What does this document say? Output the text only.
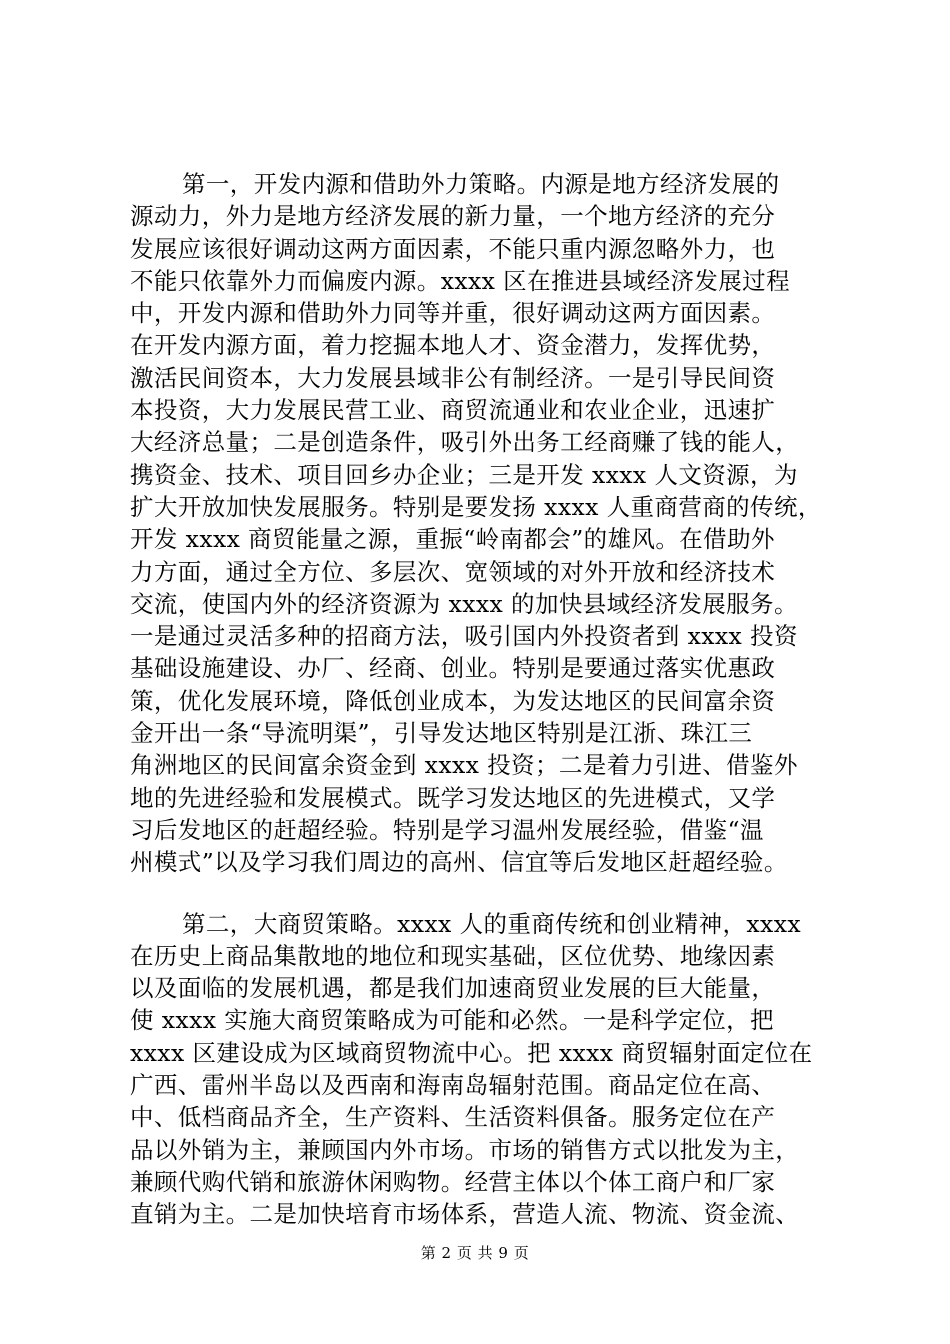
第一，开发内源和借助外力策略。内源是地方经济发展的
源动力，外力是地方经济发展的新力量，一个地方经济的充分
发展应该很好调动这两方面因素，不能只重内源忽略外力，也
不能只依靠外力而偏废内源。xxxx 区在推进县域经济发展过程
中，开发内源和借助外力同等并重，很好调动这两方面因素。
在开发内源方面，着力挖掘本地人才、资金潜力，发挥优势，
激活民间资本，大力发展县域非公有制经济。一是引导民间资
本投资，大力发展民营工业、商贸流通业和农业企业，迅速扩
大经济总量；二是创造条件，吸引外出务工经商赚了钱的能人，
携资金、技术、项目回乡办企业；三是开发 xxxx 人文资源，为
扩大开放加快发展服务。特别是要发扬 xxxx 人重商营商的传统，
开发 xxxx 商贸能量之源，重振“岭南都会”的雄风。在借助外
力方面，通过全方位、多层次、宽领域的对外开放和经济技术
交流，使国内外的经济资源为 xxxx 的加快县域经济发展服务。
一是通过灵活多种的招商方法，吸引国内外投资者到 xxxx 投资
基础设施建设、办厂、经商、创业。特别是要通过落实优惠政
策，优化发展环境，降低创业成本，为发达地区的民间富余资
金开出一条“导流明渠”，引导发达地区特别是江浙、珠江三
角洲地区的民间富余资金到 xxxx 投资；二是着力引进、借鉴外
地的先进经验和发展模式。既学习发达地区的先进模式，又学
习后发地区的赶超经验。特别是学习温州发展经验，借鉴“温
州模式”以及学习我们周边的高州、信宜等后发地区赶超经验。
第二，大商贸策略。xxxx 人的重商传统和创业精神，xxxx
在历史上商品集散地的地位和现实基础，区位优势、地缘因素
以及面临的发展机遇，都是我们加速商贸业发展的巨大能量，
使 xxxx 实施大商贸策略成为可能和必然。一是科学定位，把
xxxx 区建设成为区域商贸物流中心。把 xxxx 商贸辐射面定位在
广西、雷州半岛以及西南和海南岛辐射范围。商品定位在高、
中、低档商品齐全，生产资料、生活资料俱备。服务定位在产
品以外销为主，兼顾国内外市场。市场的销售方式以批发为主，
兼顾代购代销和旅游休闲购物。经营主体以个体工商户和厂家
直销为主。二是加快培育市场体系，营造人流、物流、资金流、
第 2 页 共 9 页
